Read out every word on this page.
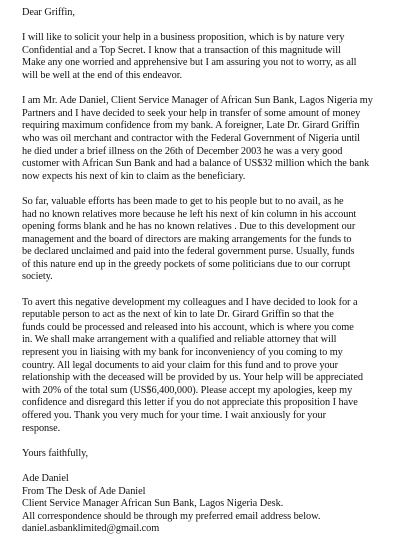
Dear Griffin,
I will like to solicit your help in a business proposition, which is by nature very
Confidential and a Top Secret. I know that a transaction of this magnitude will
Make any one worried and apprehensive but I am assuring you not to worry, as all
will be well at the end of this endeavor.
I am Mr. Ade Daniel, Client Service Manager of African Sun Bank, Lagos Nigeria my
Partners and I have decided to seek your help in transfer of some amount of money
requiring maximum confidence from my bank. A foreigner, Late Dr. Girard Griffin
who was oil merchant and contractor with the Federal Government of Nigeria until
he died under a brief illness on the 26th of December 2003 he was a very good
customer with African Sun Bank and had a balance of US$32 million which the bank
now expects his next of kin to claim as the beneficiary.
So far, valuable efforts has been made to get to his people but to no avail, as he
had no known relatives more because he left his next of kin column in his account
opening forms blank and he has no known relatives . Due to this development our
management and the board of directors are making arrangements for the funds to
be declared unclaimed and paid into the federal government purse. Usually, funds
of this nature end up in the greedy pockets of some politicians due to our corrupt
society.
To avert this negative development my colleagues and I have decided to look for a
reputable person to act as the next of kin to late Dr. Girard Griffin so that the
funds could be processed and released into his account, which is where you come
in. We shall make arrangement with a qualified and reliable attorney that will
represent you in liaising with my bank for inconveniency of you coming to my
country. All legal documents to aid your claim for this fund and to prove your
relationship with the deceased will be provided by us. Your help will be appreciated
with 20% of the total sum (US$6,400,000). Please accept my apologies, keep my
confidence and disregard this letter if you do not appreciate this proposition I have
offered you. Thank you very much for your time. I wait anxiously for your
response.
Yours faithfully,
Ade Daniel
From The Desk of Ade Daniel
Client Service Manager African Sun Bank, Lagos Nigeria Desk.
All correspondence should be through my preferred email address below.
daniel.asbanklimited@gmail.com
